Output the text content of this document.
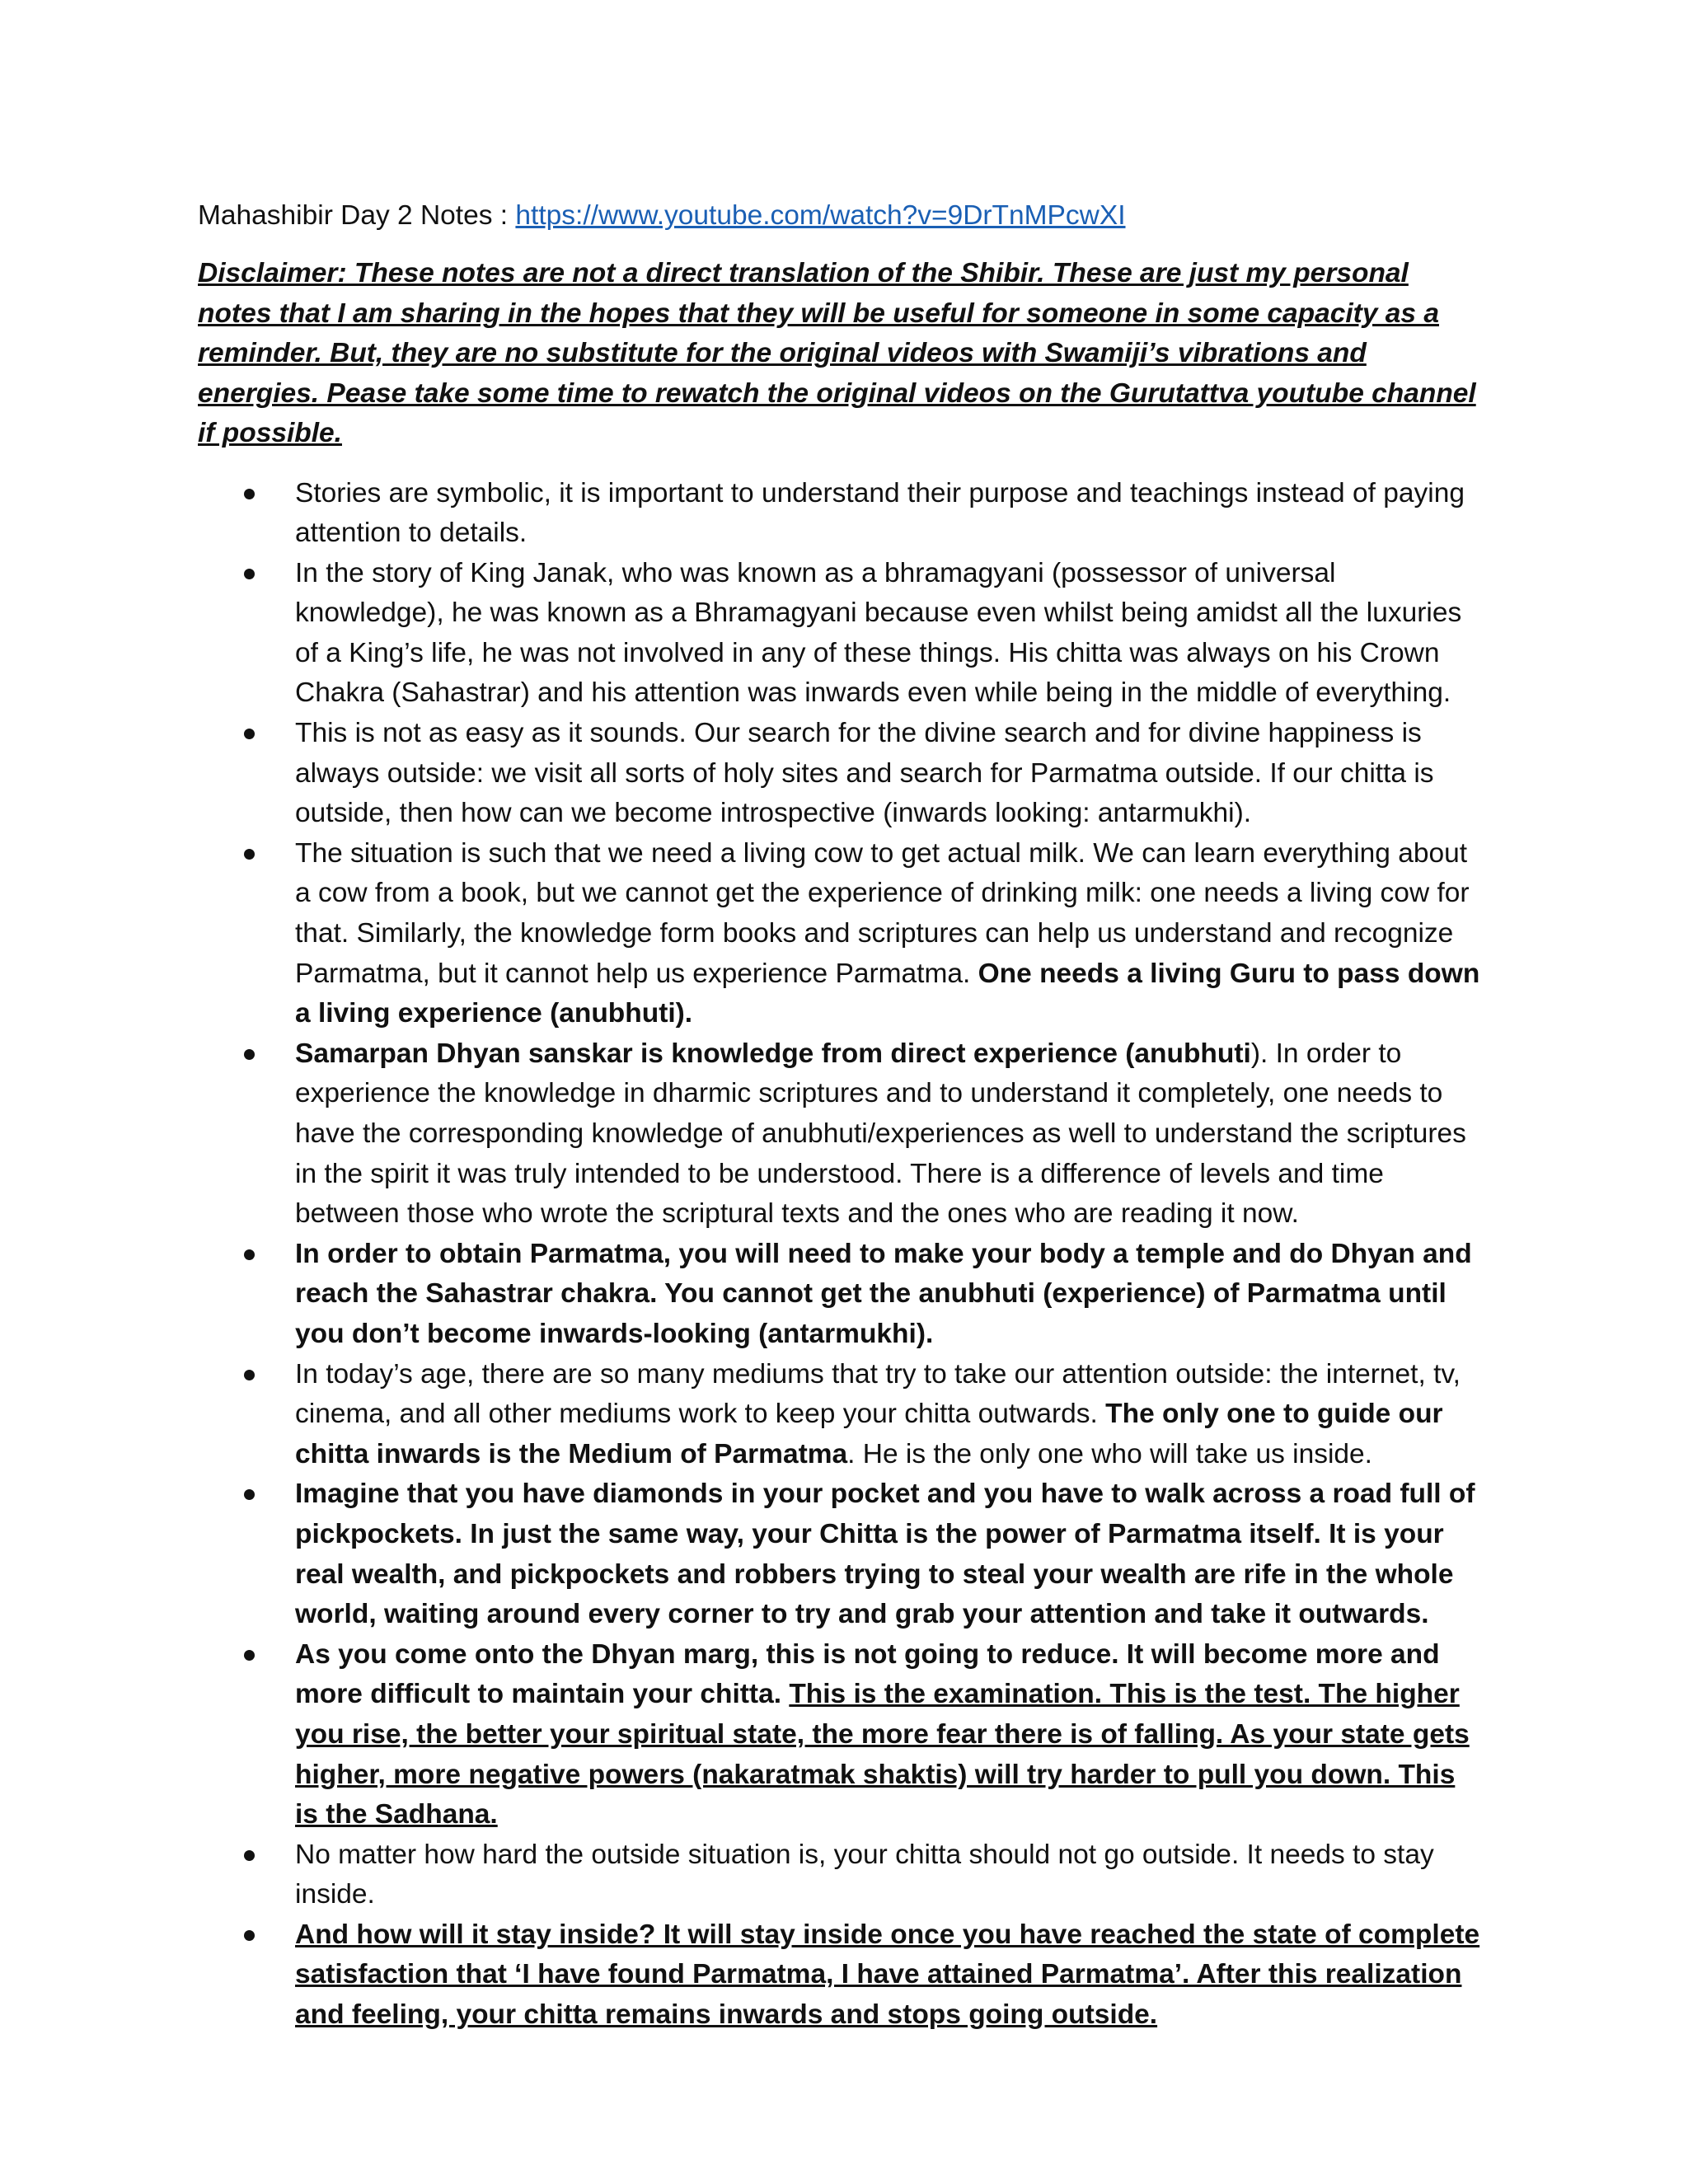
Mahashibir Day 2 Notes : https://www.youtube.com/watch?v=9DrTnMPcwXI

Disclaimer: These notes are not a direct translation of the Shibir. These are just my personal notes that I am sharing in the hopes that they will be useful for someone in some capacity as a reminder. But, they are no substitute for the original videos with Swamiji’s vibrations and energies. Pease take some time to rewatch the original videos on the Gurutattva youtube channel if possible.

Stories are symbolic, it is important to understand their purpose and teachings instead of paying attention to details.
In the story of King Janak, who was known as a bhramagyani (possessor of universal knowledge), he was known as a Bhramagyani because even whilst being amidst all the luxuries of a King’s life, he was not involved in any of these things. His chitta was always on his Crown Chakra (Sahastrar) and his attention was inwards even while being in the middle of everything.
This is not as easy as it sounds. Our search for the divine search and for divine happiness is always outside: we visit all sorts of holy sites and search for Parmatma outside. If our chitta is outside, then how can we become introspective (inwards looking: antarmukhi).
The situation is such that we need a living cow to get actual milk. We can learn everything about a cow from a book, but we cannot get the experience of drinking milk: one needs a living cow for that. Similarly, the knowledge form books and scriptures can help us understand and recognize Parmatma, but it cannot help us experience Parmatma. One needs a living Guru to pass down a living experience (anubhuti).
Samarpan Dhyan sanskar is knowledge from direct experience (anubhuti). In order to experience the knowledge in dharmic scriptures and to understand it completely, one needs to have the corresponding knowledge of anubhuti/experiences as well to understand the scriptures in the spirit it was truly intended to be understood. There is a difference of levels and time between those who wrote the scriptural texts and the ones who are reading it now.
In order to obtain Parmatma, you will need to make your body a temple and do Dhyan and reach the Sahastrar chakra. You cannot get the anubhuti (experience) of Parmatma until you don’t become inwards-looking (antarmukhi).
In today’s age, there are so many mediums that try to take our attention outside: the internet, tv, cinema, and all other mediums work to keep your chitta outwards. The only one to guide our chitta inwards is the Medium of Parmatma. He is the only one who will take us inside.
Imagine that you have diamonds in your pocket and you have to walk across a road full of pickpockets. In just the same way, your Chitta is the power of Parmatma itself. It is your real wealth, and pickpockets and robbers trying to steal your wealth are rife in the whole world, waiting around every corner to try and grab your attention and take it outwards.
As you come onto the Dhyan marg, this is not going to reduce. It will become more and more difficult to maintain your chitta. This is the examination. This is the test. The higher you rise, the better your spiritual state, the more fear there is of falling. As your state gets higher, more negative powers (nakaratmak shaktis) will try harder to pull you down. This is the Sadhana.
No matter how hard the outside situation is, your chitta should not go outside. It needs to stay inside.
And how will it stay inside? It will stay inside once you have reached the state of complete satisfaction that ‘I have found Parmatma, I have attained Parmatma’. After this realization and feeling, your chitta remains inwards and stops going outside.
